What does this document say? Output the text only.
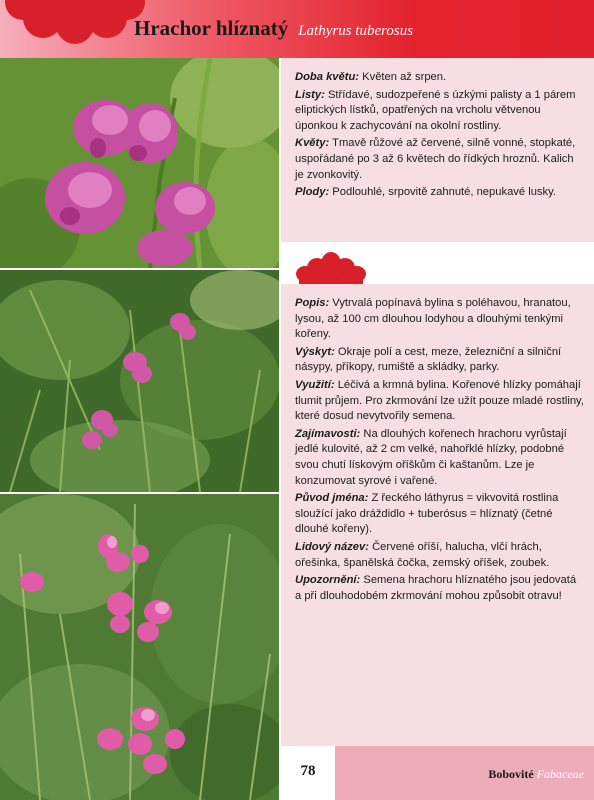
Hrachor hlíznatý Lathyrus tuberosus

Doba květu: Květen až srpen.

Listy: Střídavé, sudozpeřené s úzkými palisty a 1 párem eliptických lístků, opatřených na vrcholu větvenou úponkou k zachycování na okolní rostliny.

Květy: Tmavě růžové až červené, silně vonné, stopkaté, uspořádané po 3 až 6 květech do řídkých hroznů. Kalich je zvonkovitý.

Plody: Podlouhlé, srpovitě zahnuté, nepukavé lusky.

Popis: Vytrvalá popínavá bylina s poléhavou, hranatou, lysou, až 100 cm dlouhou lodyhou a dlouhými tenkými kořeny.

Výskyt: Okraje polí a cest, meze, železniční a silniční násypy, příkopy, rumiště a skládky, parky.

Využití: Léčivá a krmná bylina. Kořenové hlízky pomáhají tlumit průjem. Pro zkrmování lze užít pouze mladé rostliny, které dosud nevytvořily semena.

Zajímavosti: Na dlouhých kořenech hrachoru vyrůstají jedlé kulovité, až 2 cm velké, nahořklé hlízky, podobné svou chutí lískovým oříškům či kaštanům. Lze je konzumovat syrové i vařené.

Původ jména: Z řeckého láthyrus = vikvovitá rostlina sloužící jako dráždidlo + tuberósus = hlíznatý (četné dlouhé kořeny).

Lidový název: Červené oříší, halucha, vlčí hrách, ořešinka, španělská čočka, zemský oříšek, zoubek.

Upozornění: Semena hrachoru hlíznatého jsou jedovatá a při dlouhodobém zkrmování mohou způsobit otravu!

78	Bobovité Fabaceae
